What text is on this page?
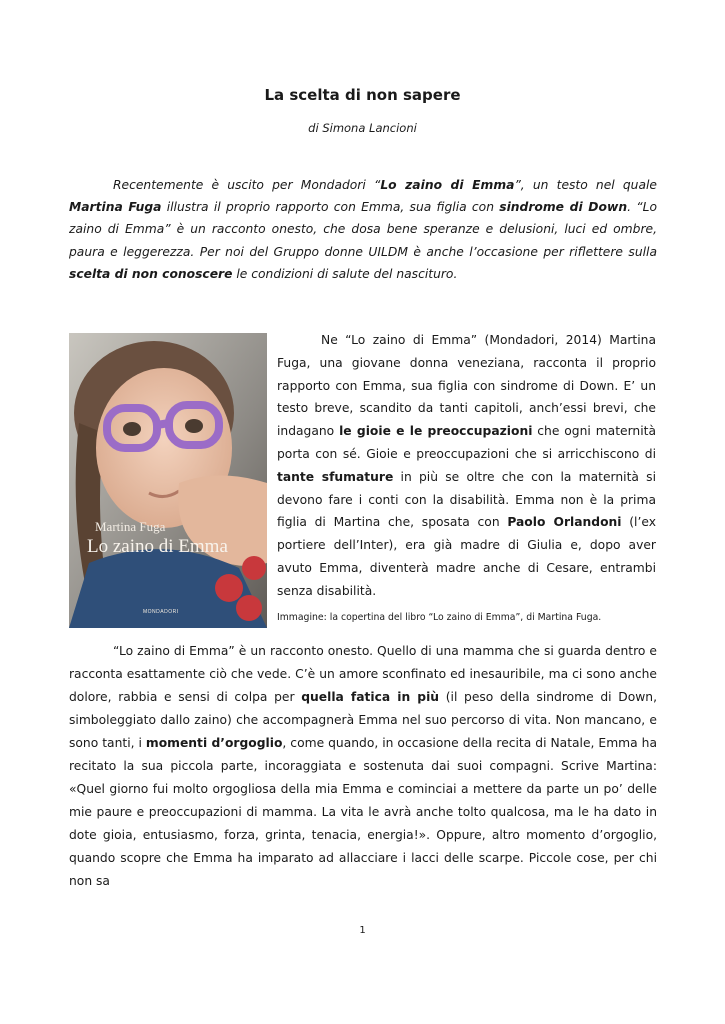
La scelta di non sapere
di Simona Lancioni

Recentemente è uscito per Mondadori “Lo zaino di Emma”, un testo nel quale Martina Fuga illustra il proprio rapporto con Emma, sua figlia con sindrome di Down. “Lo zaino di Emma” è un racconto onesto, che dosa bene speranze e delusioni, luci ed ombre, paura e leggerezza. Per noi del Gruppo donne UILDM è anche l’occasione per riflettere sulla scelta di non conoscere le condizioni di salute del nascituro.

Martina Fuga
Lo zaino di Emma
MONDADORI

Ne “Lo zaino di Emma” (Mondadori, 2014) Martina Fuga, una giovane donna veneziana, racconta il proprio rapporto con Emma, sua figlia con sindrome di Down. E’ un testo breve, scandito da tanti capitoli, anch’essi brevi, che indagano le gioie e le preoccupazioni che ogni maternità porta con sé. Gioie e preoccupazioni che si arricchiscono di tante sfumature in più se oltre che con la maternità si devono fare i conti con la disabilità. Emma non è la prima figlia di Martina che, sposata con Paolo Orlandoni (l’ex portiere dell’Inter), era già madre di Giulia e, dopo aver avuto Emma, diventerà madre anche di Cesare, entrambi senza disabilità.

Immagine: la copertina del libro “Lo zaino di Emma”, di Martina Fuga.

“Lo zaino di Emma” è un racconto onesto. Quello di una mamma che si guarda dentro e racconta esattamente ciò che vede. C’è un amore sconfinato ed inesauribile, ma ci sono anche dolore, rabbia e sensi di colpa per quella fatica in più (il peso della sindrome di Down, simboleggiato dallo zaino) che accompagnerà Emma nel suo percorso di vita. Non mancano, e sono tanti, i momenti d’orgoglio, come quando, in occasione della recita di Natale, Emma ha recitato la sua piccola parte, incoraggiata e sostenuta dai suoi compagni. Scrive Martina: «Quel giorno fui molto orgogliosa della mia Emma e cominciai a mettere da parte un po’ delle mie paure e preoccupazioni di mamma. La vita le avrà anche tolto qualcosa, ma le ha dato in dote gioia, entusiasmo, forza, grinta, tenacia, energia!». Oppure, altro momento d’orgoglio, quando scopre che Emma ha imparato ad allacciare i lacci delle scarpe. Piccole cose, per chi non sa

1
